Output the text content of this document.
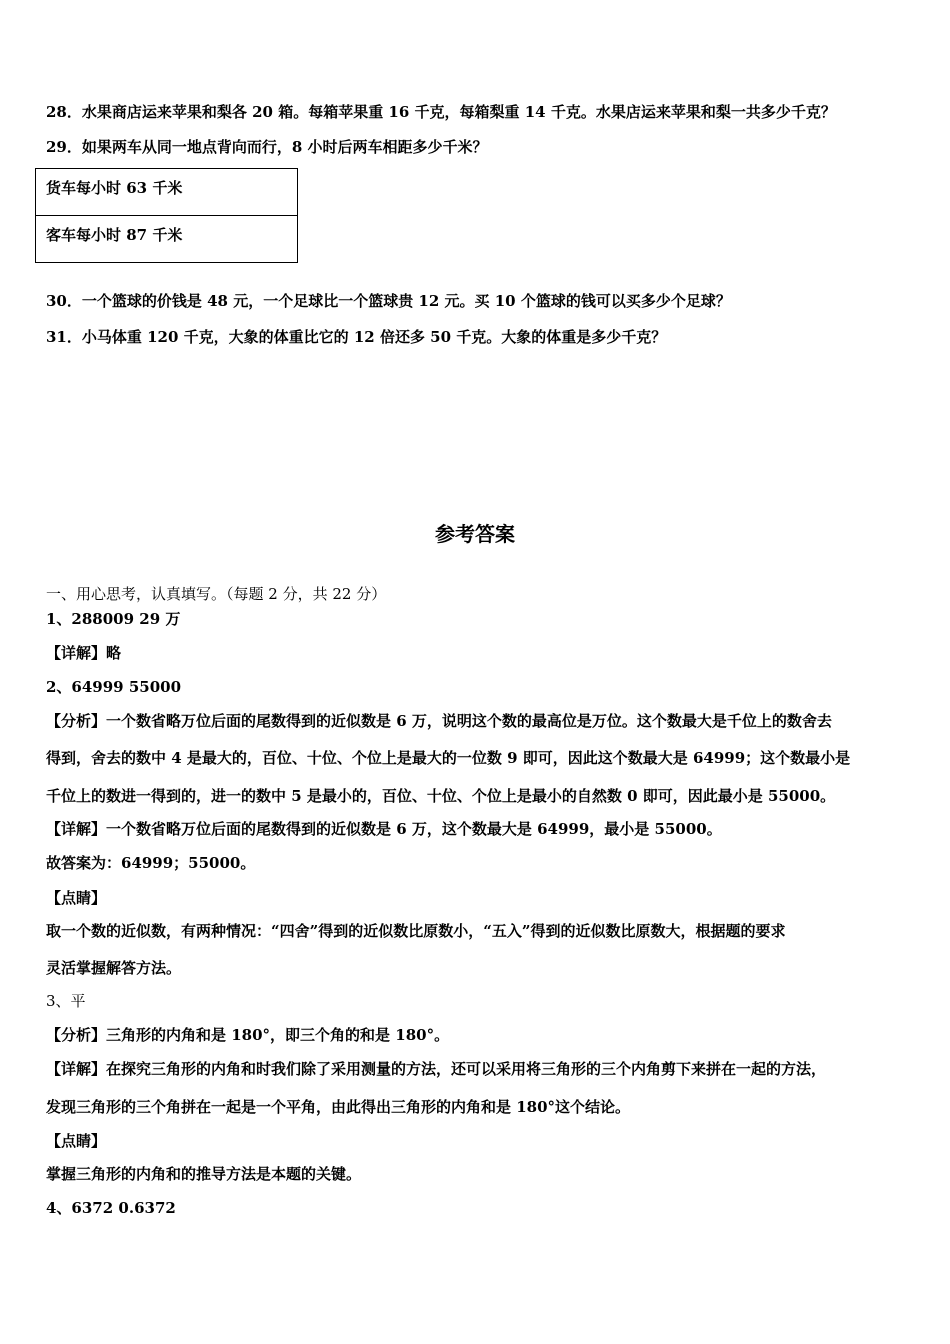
28．水果商店运来苹果和梨各 20 箱。每箱苹果重 16 千克，每箱梨重 14 千克。水果店运来苹果和梨一共多少千克？
29．如果两车从同一地点背向而行，8 小时后两车相距多少千米？
货车每小时 63 千米
客车每小时 87 千米
30．一个篮球的价钱是 48 元，一个足球比一个篮球贵 12 元。买 10 个篮球的钱可以买多少个足球？
31．小马体重 120 千克，大象的体重比它的 12 倍还多 50 千克。大象的体重是多少千克？
参考答案
一、用心思考，认真填写。（每题 2 分，共 22 分）
1、288009 29 万
【详解】略
2、64999 55000
【分析】一个数省略万位后面的尾数得到的近似数是 6 万，说明这个数的最高位是万位。这个数最大是千位上的数舍去
得到，舍去的数中 4 是最大的，百位、十位、个位上是最大的一位数 9 即可，因此这个数最大是 64999；这个数最小是
千位上的数进一得到的，进一的数中 5 是最小的，百位、十位、个位上是最小的自然数 0 即可，因此最小是 55000。
【详解】一个数省略万位后面的尾数得到的近似数是 6 万，这个数最大是 64999，最小是 55000。
故答案为：64999；55000。
【点睛】
取一个数的近似数，有两种情况：“四舍”得到的近似数比原数小，“五入”得到的近似数比原数大，根据题的要求
灵活掌握解答方法。
3、平
【分析】三角形的内角和是 180°，即三个角的和是 180°。
【详解】在探究三角形的内角和时我们除了采用测量的方法，还可以采用将三角形的三个内角剪下来拼在一起的方法，
发现三角形的三个角拼在一起是一个平角，由此得出三角形的内角和是 180°这个结论。
【点睛】
掌握三角形的内角和的推导方法是本题的关键。
4、6372 0.6372
